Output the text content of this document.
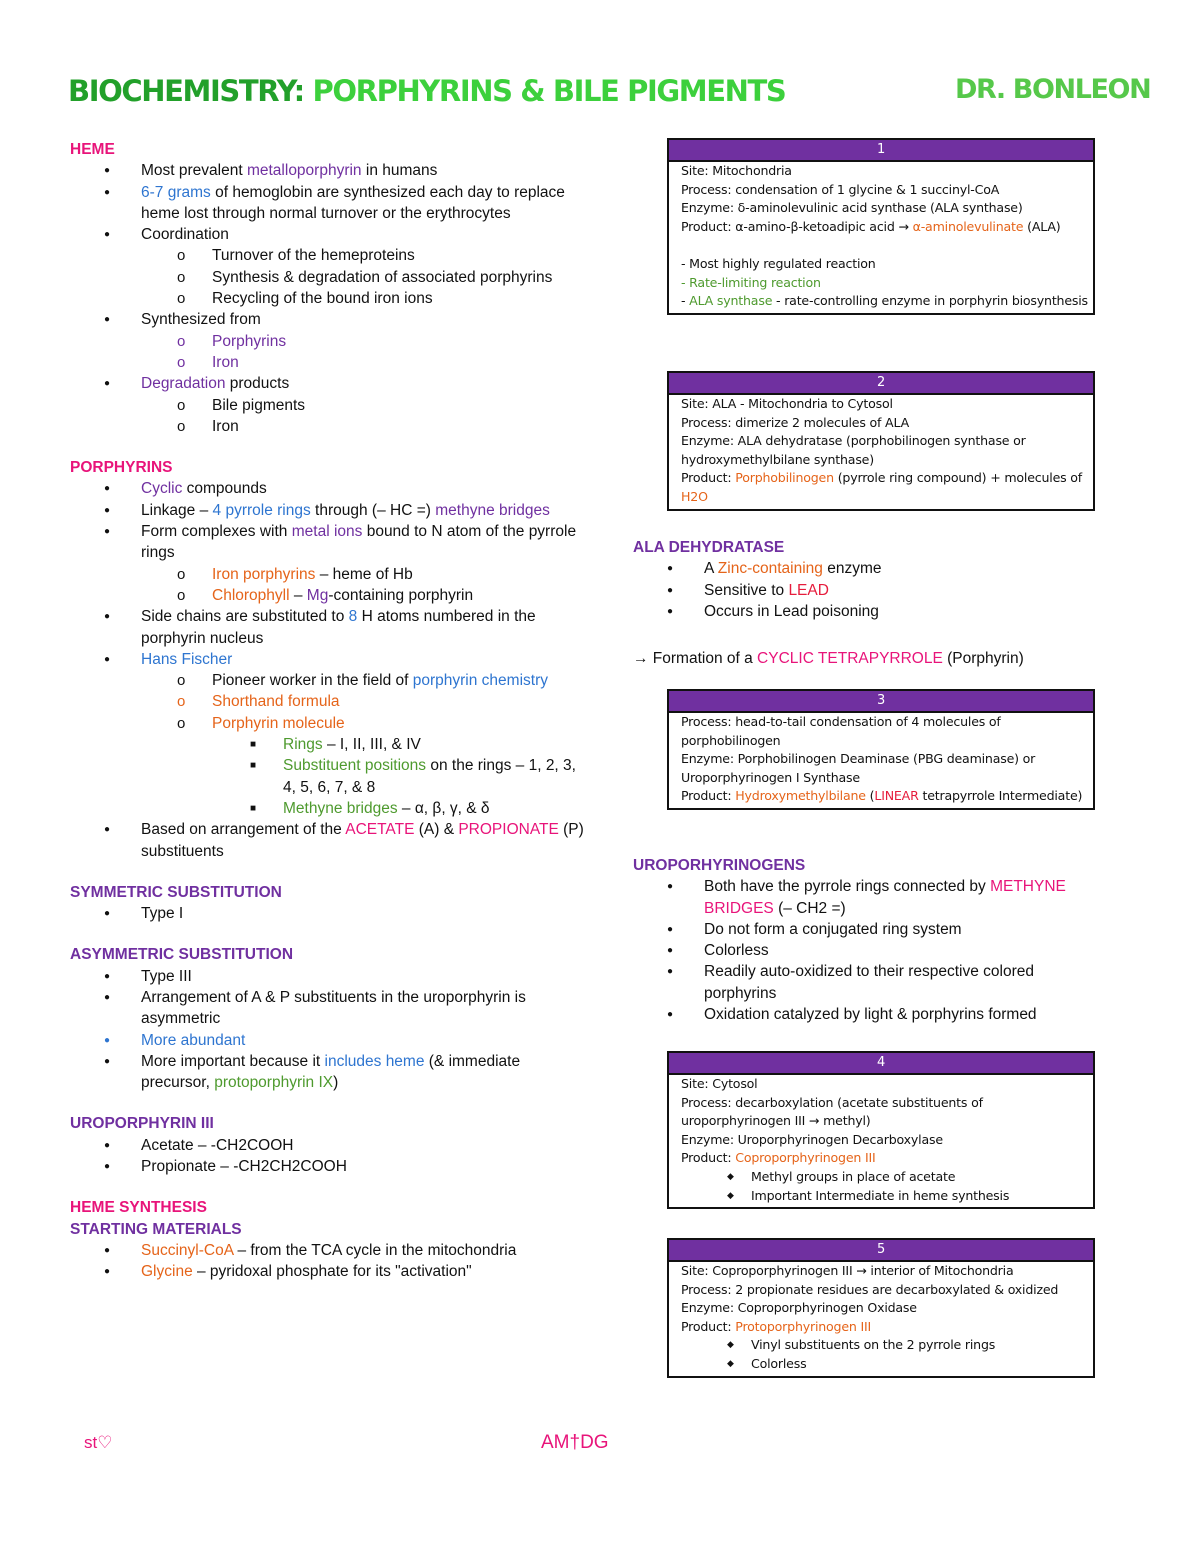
BIOCHEMISTRY: PORPHYRINS & BILE PIGMENTS	DR. BONLEON
HEME
● Most prevalent metalloporphyrin in humans
● 6-7 grams of hemoglobin are synthesized each day to replace heme lost through normal turnover or the erythrocytes
● Coordination
o Turnover of the hemeproteins
o Synthesis & degradation of associated porphyrins
o Recycling of the bound iron ions
● Synthesized from
o Porphyrins
o Iron
● Degradation products
o Bile pigments
o Iron
PORPHYRINS
● Cyclic compounds
● Linkage – 4 pyrrole rings through (– HC =) methyne bridges
● Form complexes with metal ions bound to N atom of the pyrrole rings
o Iron porphyrins – heme of Hb
o Chlorophyll – Mg-containing porphyrin
● Side chains are substituted to 8 H atoms numbered in the porphyrin nucleus
● Hans Fischer
o Pioneer worker in the field of porphyrin chemistry
o Shorthand formula
o Porphyrin molecule
■ Rings – I, II, III, & IV
■ Substituent positions on the rings – 1, 2, 3, 4, 5, 6, 7, & 8
■ Methyne bridges – α, β, γ, & δ
● Based on arrangement of the ACETATE (A) & PROPIONATE (P) substituents
SYMMETRIC SUBSTITUTION
● Type I
ASYMMETRIC SUBSTITUTION
● Type III
● Arrangement of A & P substituents in the uroporphyrin is asymmetric
● More abundant
● More important because it includes heme (& immediate precursor, protoporphyrin IX)
UROPORPHYRIN III
● Acetate – -CH2COOH
● Propionate – -CH2CH2COOH
HEME SYNTHESIS
STARTING MATERIALS
● Succinyl-CoA – from the TCA cycle in the mitochondria
● Glycine – pyridoxal phosphate for its "activation"
1
Site: Mitochondria
Process: condensation of 1 glycine & 1 succinyl-CoA
Enzyme: δ-aminolevulinic acid synthase (ALA synthase)
Product: α-amino-β-ketoadipic acid → α-aminolevulinate (ALA)
- Most highly regulated reaction
- Rate-limiting reaction
- ALA synthase - rate-controlling enzyme in porphyrin biosynthesis
2
Site: ALA - Mitochondria to Cytosol
Process: dimerize 2 molecules of ALA
Enzyme: ALA dehydratase (porphobilinogen synthase or hydroxymethylbilane synthase)
Product: Porphobilinogen (pyrrole ring compound) + molecules of H2O
ALA DEHYDRATASE
● A Zinc-containing enzyme
● Sensitive to LEAD
● Occurs in Lead poisoning
→ Formation of a CYCLIC TETRAPYRROLE (Porphyrin)
3
Process: head-to-tail condensation of 4 molecules of porphobilinogen
Enzyme: Porphobilinogen Deaminase (PBG deaminase) or Uroporphyrinogen I Synthase
Product: Hydroxymethylbilane (LINEAR tetrapyrrole Intermediate)
UROPORHYRINOGENS
● Both have the pyrrole rings connected by METHYNE BRIDGES (– CH2 =)
● Do not form a conjugated ring system
● Colorless
● Readily auto-oxidized to their respective colored porphyrins
● Oxidation catalyzed by light & porphyrins formed
4
Site: Cytosol
Process: decarboxylation (acetate substituents of uroporphyrinogen III → methyl)
Enzyme: Uroporphyrinogen Decarboxylase
Product: Coproporphyrinogen III
◆ Methyl groups in place of acetate
◆ Important Intermediate in heme synthesis
5
Site: Coproporphyrinogen III → interior of Mitochondria
Process: 2 propionate residues are decarboxylated & oxidized
Enzyme: Coproporphyrinogen Oxidase
Product: Protoporphyrinogen III
◆ Vinyl substituents on the 2 pyrrole rings
◆ Colorless
st♡	AM†DG
